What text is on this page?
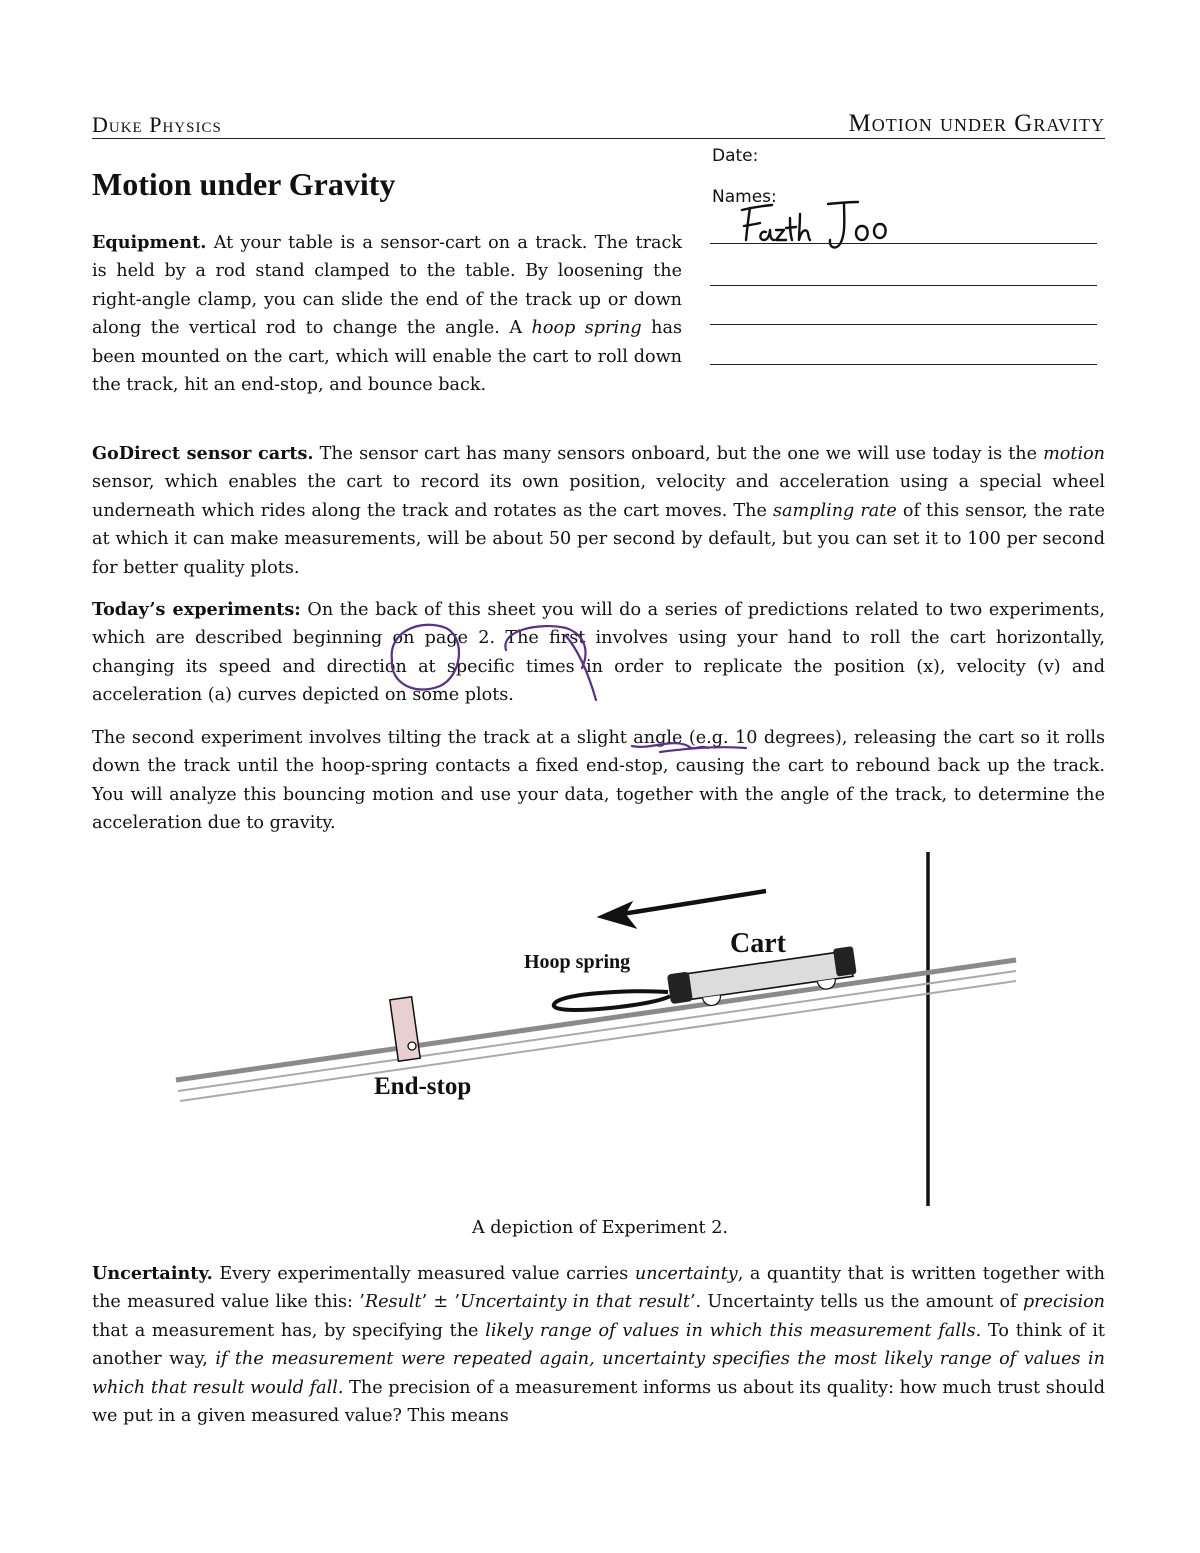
Duke Physics	Motion under Gravity
Motion under Gravity
Date:
Names:

Equipment. At your table is a sensor-cart on a track. The track is held by a rod stand clamped to the table. By loosening the right-angle clamp, you can slide the end of the track up or down along the vertical rod to change the angle. A hoop spring has been mounted on the cart, which will enable the cart to roll down the track, hit an end-stop, and bounce back.

GoDirect sensor carts. The sensor cart has many sensors onboard, but the one we will use today is the motion sensor, which enables the cart to record its own position, velocity and acceleration using a special wheel underneath which rides along the track and rotates as the cart moves. The sampling rate of this sensor, the rate at which it can make measurements, will be about 50 per second by default, but you can set it to 100 per second for better quality plots.

Today’s experiments: On the back of this sheet you will do a series of predictions related to two experiments, which are described beginning on page 2. The first involves using your hand to roll the cart horizontally, changing its speed and direction at specific times in order to replicate the position (x), velocity (v) and acceleration (a) curves depicted on some plots.

The second experiment involves tilting the track at a slight angle (e.g. 10 degrees), releasing the cart so it rolls down the track until the hoop-spring contacts a fixed end-stop, causing the cart to rebound back up the track. You will analyze this bouncing motion and use your data, together with the angle of the track, to determine the acceleration due to gravity.

Cart
Hoop spring
End-stop
A depiction of Experiment 2.

Uncertainty. Every experimentally measured value carries uncertainty, a quantity that is written together with the measured value like this: ’Result’ ± ’Uncertainty in that result’. Uncertainty tells us the amount of precision that a measurement has, by specifying the likely range of values in which this measurement falls. To think of it another way, if the measurement were repeated again, uncertainty specifies the most likely range of values in which that result would fall. The precision of a measurement informs us about its quality: how much trust should we put in a given measured value? This means
